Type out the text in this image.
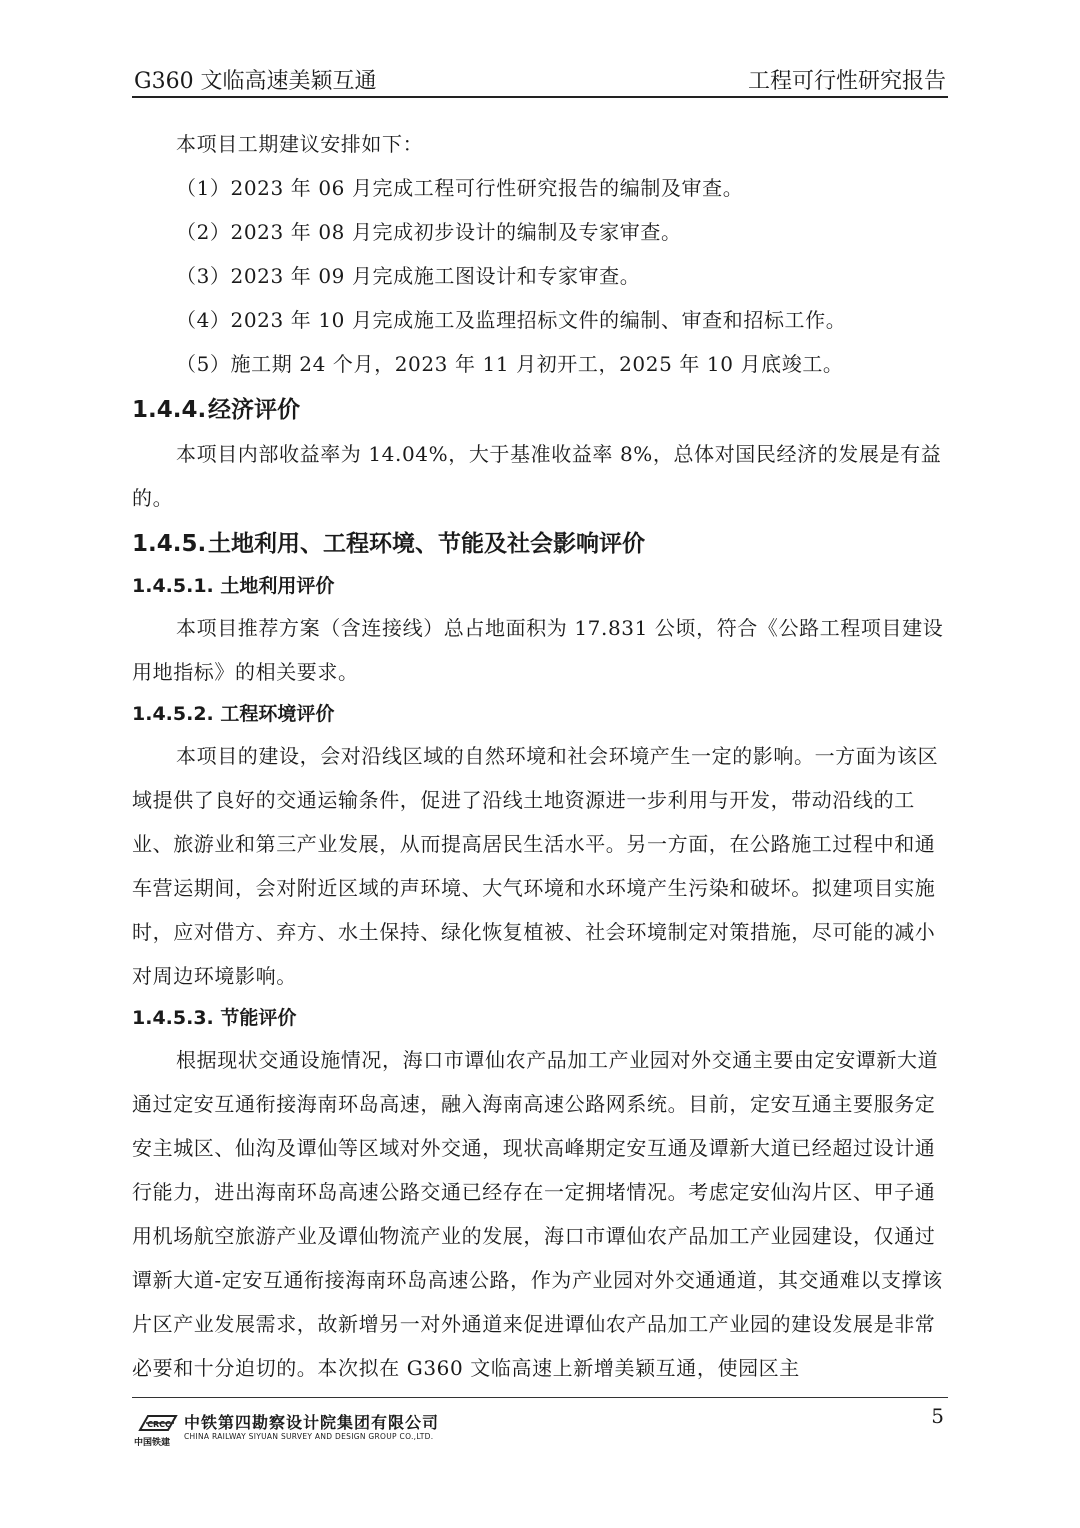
G360 文临高速美颖互通	工程可行性研究报告

本项目工期建议安排如下：

（1）2023 年 06 月完成工程可行性研究报告的编制及审查。

（2）2023 年 08 月完成初步设计的编制及专家审查。

（3）2023 年 09 月完成施工图设计和专家审查。

（4）2023 年 10 月完成施工及监理招标文件的编制、审查和招标工作。

（5）施工期 24 个月，2023 年 11 月初开工，2025 年 10 月底竣工。

1.4.4.经济评价

本项目内部收益率为 14.04%，大于基准收益率 8%，总体对国民经济的发展是有益的。

1.4.5.土地利用、工程环境、节能及社会影响评价
1.4.5.1. 土地利用评价

本项目推荐方案（含连接线）总占地面积为 17.831 公顷，符合《公路工程项目建设用地指标》的相关要求。

1.4.5.2. 工程环境评价

本项目的建设，会对沿线区域的自然环境和社会环境产生一定的影响。一方面为该区域提供了良好的交通运输条件，促进了沿线土地资源进一步利用与开发，带动沿线的工业、旅游业和第三产业发展，从而提高居民生活水平。另一方面，在公路施工过程中和通车营运期间，会对附近区域的声环境、大气环境和水环境产生污染和破坏。拟建项目实施时，应对借方、弃方、水土保持、绿化恢复植被、社会环境制定对策措施，尽可能的减小对周边环境影响。

1.4.5.3. 节能评价

根据现状交通设施情况，海口市谭仙农产品加工产业园对外交通主要由定安谭新大道通过定安互通衔接海南环岛高速，融入海南高速公路网系统。目前，定安互通主要服务定安主城区、仙沟及谭仙等区域对外交通，现状高峰期定安互通及谭新大道已经超过设计通行能力，进出海南环岛高速公路交通已经存在一定拥堵情况。考虑定安仙沟片区、甲子通用机场航空旅游产业及谭仙物流产业的发展，海口市谭仙农产品加工产业园建设，仅通过谭新大道-定安互通衔接海南环岛高速公路，作为产业园对外交通通道，其交通难以支撑该片区产业发展需求，故新增另一对外通道来促进谭仙农产品加工产业园的建设发展是非常必要和十分迫切的。本次拟在 G360 文临高速上新增美颖互通，使园区主

CRCC
中国铁建
中铁第四勘察设计院集团有限公司
CHINA RAILWAY SIYUAN SURVEY AND DESIGN GROUP CO.,LTD.
5
